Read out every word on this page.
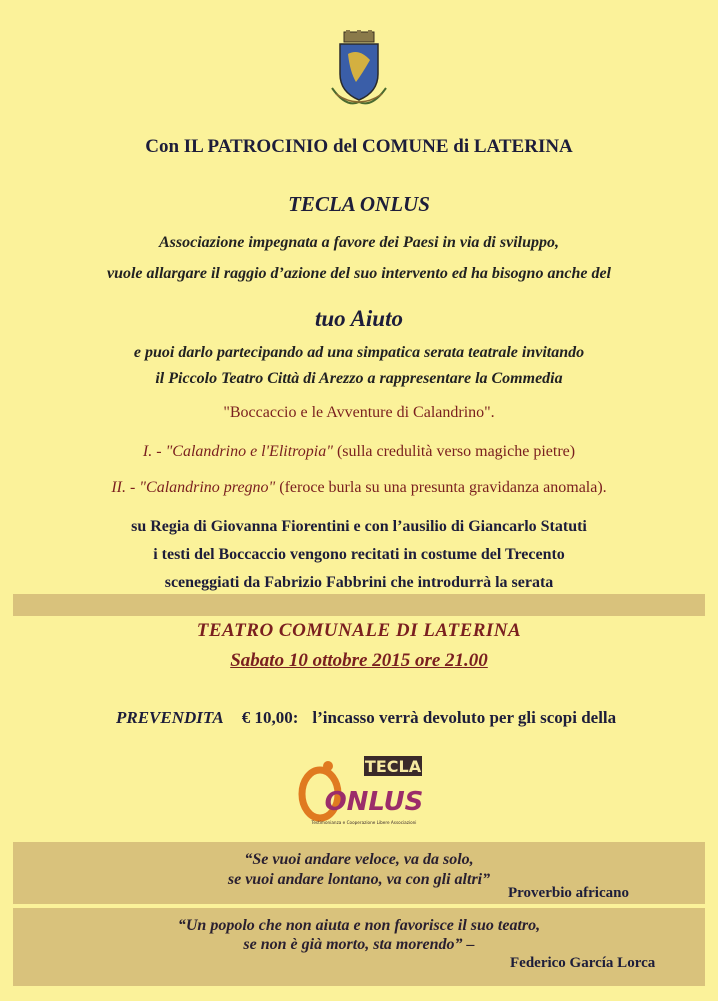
Con IL PATROCINIO del COMUNE di LATERINA
TECLA ONLUS
Associazione impegnata a favore dei Paesi in via di sviluppo,
vuole allargare il raggio d’azione del suo intervento ed ha bisogno anche del
tuo Aiuto
e puoi darlo partecipando ad una simpatica serata teatrale invitando
il Piccolo Teatro Città di Arezzo a rappresentare la Commedia
"Boccaccio e le Avventure di Calandrino".
I. - "Calandrino e l'Elitropia" (sulla credulità verso magiche pietre)
II. - "Calandrino pregno" (feroce burla su una presunta gravidanza anomala).
su Regia di Giovanna Fiorentini e con l’ausilio di Giancarlo Statuti
i testi del Boccaccio vengono recitati in costume del Trecento
sceneggiati da Fabrizio Fabbrini che introdurrà la serata
TEATRO COMUNALE DI LATERINA
Sabato 10 ottobre 2015 ore 21.00
PREVENDITA € 10,00: l’incasso verrà devoluto per gli scopi della
TECLA
ONLUS
Testimonianza e Cooperazione Libere Associazioni
“Se vuoi andare veloce, va da solo,
se vuoi andare lontano, va con gli altri”
Proverbio africano
“Un popolo che non aiuta e non favorisce il suo teatro,
se non è già morto, sta morendo” –
Federico García Lorca
